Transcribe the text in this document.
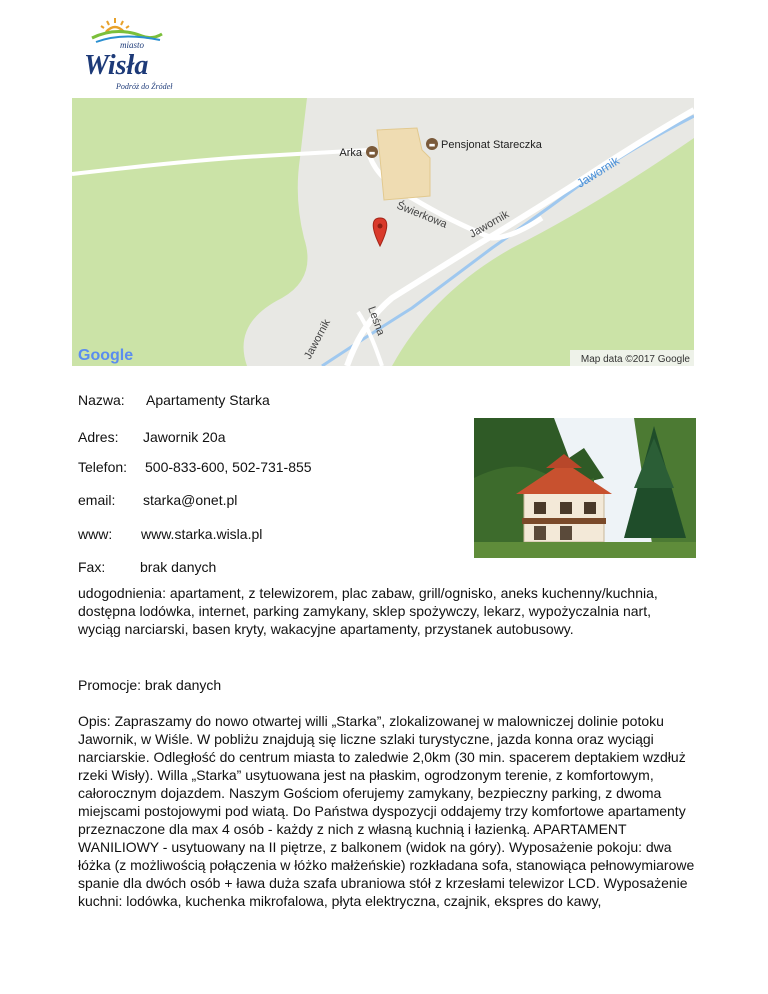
miasto
Wisła
Podróż do Źródeł
▬
Arka
▬ Pensjonat Stareczka
Świerkowa Jawornik
Jawornik	Leśna
Jawornik
Google	Map data ©2017 Google
Nazwa: Apartamenty Starka
Adres: Jawornik 20a
Telefon: 500-833-600, 502-731-855
email: starka@onet.pl
www: www.starka.wisla.pl
Fax: brak danych

udogodnienia: apartament, z telewizorem, plac zabaw, grill/ognisko, aneks kuchenny/kuchnia, dostępna lodówka, internet, parking zamykany, sklep spożywczy, lekarz, wypożyczalnia nart, wyciąg narciarski, basen kryty, wakacyjne apartamenty, przystanek autobusowy.

Promocje: brak danych

Opis: Zapraszamy do nowo otwartej willi „Starka”, zlokalizowanej w malowniczej dolinie potoku Jawornik, w Wiśle. W pobliżu znajdują się liczne szlaki turystyczne, jazda konna oraz wyciągi narciarskie. Odległość do centrum miasta to zaledwie 2,0km (30 min. spacerem deptakiem wzdłuż rzeki Wisły). Willa „Starka” usytuowana jest na płaskim, ogrodzonym terenie, z komfortowym, całorocznym dojazdem. Naszym Gościom oferujemy zamykany, bezpieczny parking, z dwoma miejscami postojowymi pod wiatą. Do Państwa dyspozycji oddajemy trzy komfortowe apartamenty przeznaczone dla max 4 osób - każdy z nich z własną kuchnią i łazienką. APARTAMENT WANILIOWY - usytuowany na II piętrze, z balkonem (widok na góry). Wyposażenie pokoju: dwa łóżka (z możliwością połączenia w łóżko małżeńskie) rozkładana sofa, stanowiąca pełnowymiarowe spanie dla dwóch osób + ława duża szafa ubraniowa stół z krzesłami telewizor LCD. Wyposażenie kuchni: lodówka, kuchenka mikrofalowa, płyta elektryczna, czajnik, ekspres do kawy,
